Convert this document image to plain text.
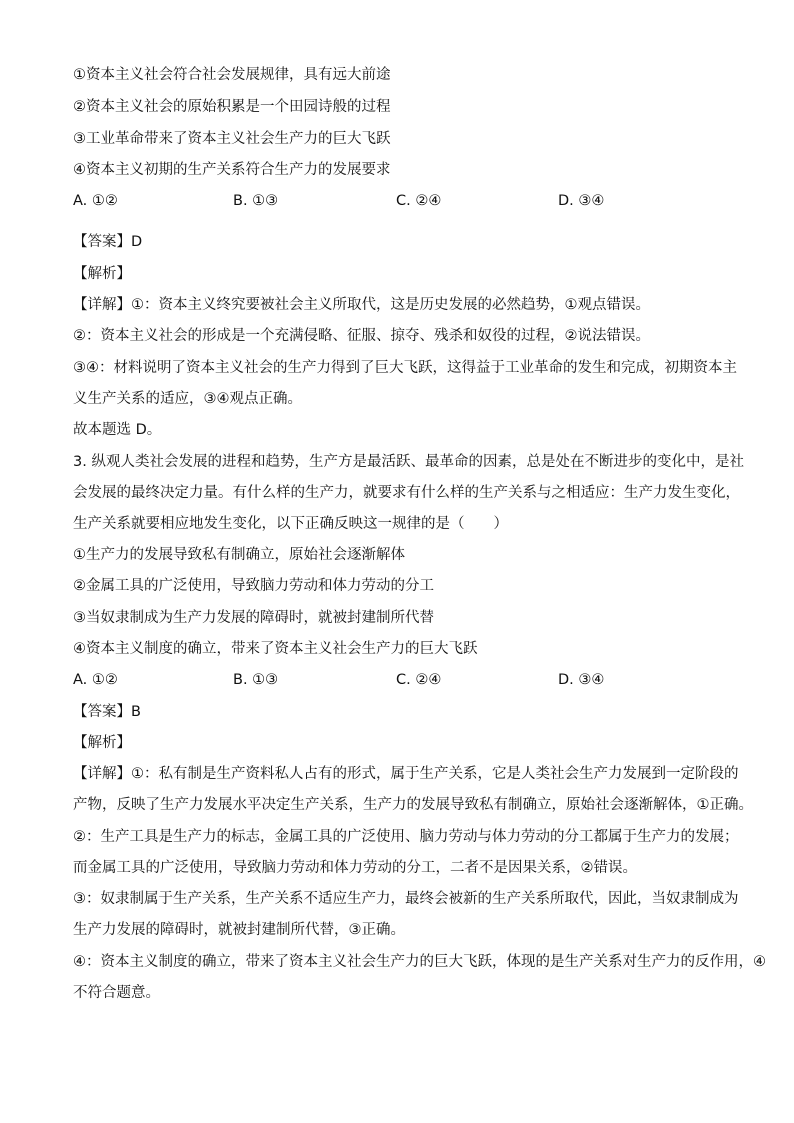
①资本主义社会符合社会发展规律，具有远大前途
②资本主义社会的原始积累是一个田园诗般的过程
③工业革命带来了资本主义社会生产力的巨大飞跃
④资本主义初期的生产关系符合生产力的发展要求
A. ①②	B. ①③	C. ②④	D. ③④
【答案】D
【解析】
【详解】①：资本主义终究要被社会主义所取代，这是历史发展的必然趋势，①观点错误。
②：资本主义社会的形成是一个充满侵略、征服、掠夺、残杀和奴役的过程，②说法错误。
③④：材料说明了资本主义社会的生产力得到了巨大飞跃，这得益于工业革命的发生和完成，初期资本主
义生产关系的适应，③④观点正确。
故本题选 D。
3. 纵观人类社会发展的进程和趋势，生产方是最活跃、最革命的因素，总是处在不断进步的变化中，是社
会发展的最终决定力量。有什么样的生产力，就要求有什么样的生产关系与之相适应：生产力发生变化，
生产关系就要相应地发生变化，以下正确反映这一规律的是（　　）
①生产力的发展导致私有制确立，原始社会逐渐解体
②金属工具的广泛使用，导致脑力劳动和体力劳动的分工
③当奴隶制成为生产力发展的障碍时，就被封建制所代替
④资本主义制度的确立，带来了资本主义社会生产力的巨大飞跃
A. ①②	B. ①③	C. ②④	D. ③④
【答案】B
【解析】
【详解】①：私有制是生产资料私人占有的形式，属于生产关系，它是人类社会生产力发展到一定阶段的
产物，反映了生产力发展水平决定生产关系，生产力的发展导致私有制确立，原始社会逐渐解体，①正确。
②：生产工具是生产力的标志，金属工具的广泛使用、脑力劳动与体力劳动的分工都属于生产力的发展；
而金属工具的广泛使用，导致脑力劳动和体力劳动的分工，二者不是因果关系，②错误。
③：奴隶制属于生产关系，生产关系不适应生产力，最终会被新的生产关系所取代，因此，当奴隶制成为
生产力发展的障碍时，就被封建制所代替，③正确。
④：资本主义制度的确立，带来了资本主义社会生产力的巨大飞跃，体现的是生产关系对生产力的反作用，④
不符合题意。
